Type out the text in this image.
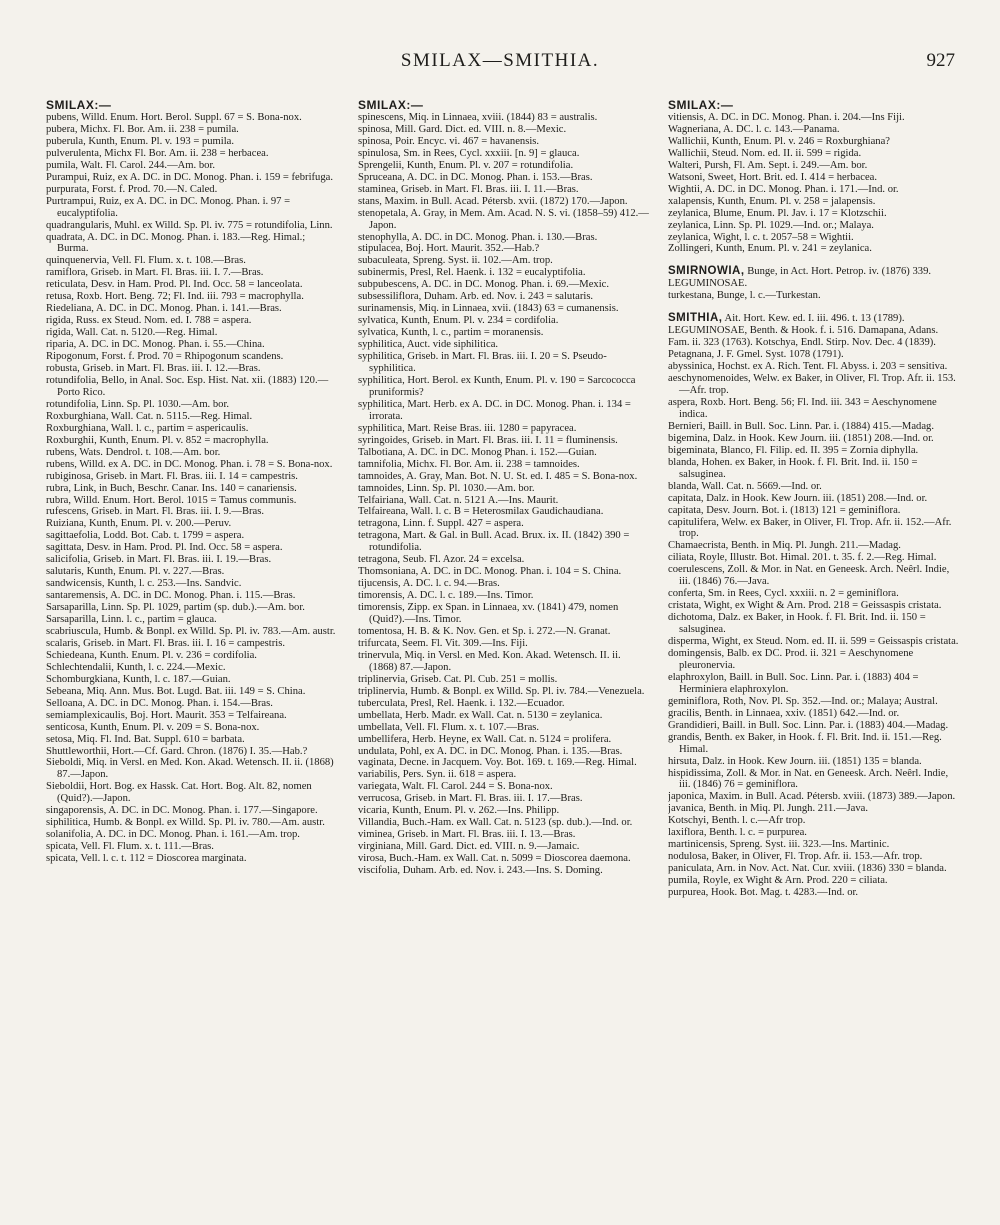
SMILAX—SMITHIA.	927
SMILAX:—
pubens, Willd. Enum. Hort. Berol. Suppl. 67 = S. Bona-nox.
pubera, Michx. Fl. Bor. Am. ii. 238 = pumila.
puberula, Kunth, Enum. Pl. v. 193 = pumila.
pulverulenta, Michx Fl. Bor. Am. ii. 238 = herbacea.
pumila, Walt. Fl. Carol. 244.—Am. bor.
Purampui, Ruiz, ex A. DC. in DC. Monog. Phan. i. 159 = febrifuga.
purpurata, Forst. f. Prod. 70.—N. Caled.
Purtrampui, Ruiz, ex A. DC. in DC. Monog. Phan. i. 97 = eucalyptifolia.
quadrangularis, Muhl. ex Willd. Sp. Pl. iv. 775 = rotundifolia, Linn.
quadrata, A. DC. in DC. Monog. Phan. i. 183.—Reg. Himal.; Burma.
quinquenervia, Vell. Fl. Flum. x. t. 108.—Bras.
ramiflora, Griseb. in Mart. Fl. Bras. iii. I. 7.—Bras.
reticulata, Desv. in Ham. Prod. Pl. Ind. Occ. 58 = lanceolata.
retusa, Roxb. Hort. Beng. 72; Fl. Ind. iii. 793 = macrophylla.
Riedeliana, A. DC. in DC. Monog. Phan. i. 141.—Bras.
rigida, Russ. ex Steud. Nom. ed. I. 788 = aspera.
rigida, Wall. Cat. n. 5120.—Reg. Himal.
riparia, A. DC. in DC. Monog. Phan. i. 55.—China.
Ripogonum, Forst. f. Prod. 70 = Rhipogonum scandens.
robusta, Griseb. in Mart. Fl. Bras. iii. I. 12.—Bras.
rotundifolia, Bello, in Anal. Soc. Esp. Hist. Nat. xii. (1883) 120.—Porto Rico.
rotundifolia, Linn. Sp. Pl. 1030.—Am. bor.
Roxburghiana, Wall. Cat. n. 5115.—Reg. Himal.
Roxburghiana, Wall. l. c., partim = aspericaulis.
Roxburghii, Kunth, Enum. Pl. v. 852 = macrophylla.
rubens, Wats. Dendrol. t. 108.—Am. bor.
rubens, Willd. ex A. DC. in DC. Monog. Phan. i. 78 = S. Bona-nox.
rubiginosa, Griseb. in Mart. Fl. Bras. iii. I. 14 = campestris.
rubra, Link, in Buch, Beschr. Canar. Ins. 140 = canariensis.
rubra, Willd. Enum. Hort. Berol. 1015 = Tamus communis.
rufescens, Griseb. in Mart. Fl. Bras. iii. I. 9.—Bras.
Ruiziana, Kunth, Enum. Pl. v. 200.—Peruv.
sagittaefolia, Lodd. Bot. Cab. t. 1799 = aspera.
sagittata, Desv. in Ham. Prod. Pl. Ind. Occ. 58 = aspera.
salicifolia, Griseb. in Mart. Fl. Bras. iii. I. 19.—Bras.
salutaris, Kunth, Enum. Pl. v. 227.—Bras.
sandwicensis, Kunth, l. c. 253.—Ins. Sandvic.
santaremensis, A. DC. in DC. Monog. Phan. i. 115.—Bras.
Sarsaparilla, Linn. Sp. Pl. 1029, partim (sp. dub.).—Am. bor.
Sarsaparilla, Linn. l. c., partim = glauca.
scabriuscula, Humb. & Bonpl. ex Willd. Sp. Pl. iv. 783.—Am. austr.
scalaris, Griseb. in Mart. Fl. Bras. iii. I. 16 = campestris.
Schiedeana, Kunth. Enum. Pl. v. 236 = cordifolia.
Schlechtendalii, Kunth, l. c. 224.—Mexic.
Schomburgkiana, Kunth, l. c. 187.—Guian.
Sebeana, Miq. Ann. Mus. Bot. Lugd. Bat. iii. 149 = S. China.
Selloana, A. DC. in DC. Monog. Phan. i. 154.—Bras.
semiamplexicaulis, Boj. Hort. Maurit. 353 = Telfaireana.
senticosa, Kunth, Enum. Pl. v. 209 = S. Bona-nox.
setosa, Miq. Fl. Ind. Bat. Suppl. 610 = barbata.
Shuttleworthii, Hort.—Cf. Gard. Chron. (1876) I. 35.—Hab.?
Sieboldi, Miq. in Versl. en Med. Kon. Akad. Wetensch. II. ii. (1868) 87.—Japon.
Sieboldii, Hort. Bog. ex Hassk. Cat. Hort. Bog. Alt. 82, nomen (Quid?).—Japon.
singaporensis, A. DC. in DC. Monog. Phan. i. 177.—Singapore.
siphilitica, Humb. & Bonpl. ex Willd. Sp. Pl. iv. 780.—Am. austr.
solanifolia, A. DC. in DC. Monog. Phan. i. 161.—Am. trop.
spicata, Vell. Fl. Flum. x. t. 111.—Bras.
spicata, Vell. l. c. t. 112 = Dioscorea marginata.
SMILAX:—
spinescens, Miq. in Linnaea, xviii. (1844) 83 = australis.
spinosa, Mill. Gard. Dict. ed. VIII. n. 8.—Mexic.
spinosa, Poir. Encyc. vi. 467 = havanensis.
spinulosa, Sm. in Rees, Cycl. xxxiii. [n. 9] = glauca.
Sprengelii, Kunth, Enum. Pl. v. 207 = rotundifolia.
Spruceana, A. DC. in DC. Monog. Phan. i. 153.—Bras.
staminea, Griseb. in Mart. Fl. Bras. iii. I. 11.—Bras.
stans, Maxim. in Bull. Acad. Pétersb. xvii. (1872) 170.—Japon.
stenopetala, A. Gray, in Mem. Am. Acad. N. S. vi. (1858–59) 412.—Japon.
stenophylla, A. DC. in DC. Monog. Phan. i. 130.—Bras.
stipulacea, Boj. Hort. Maurit. 352.—Hab.?
subaculeata, Spreng. Syst. ii. 102.—Am. trop.
subinermis, Presl, Rel. Haenk. i. 132 = eucalyptifolia.
subpubescens, A. DC. in DC. Monog. Phan. i. 69.—Mexic.
subsessiliflora, Duham. Arb. ed. Nov. i. 243 = salutaris.
surinamensis, Miq. in Linnaea, xvii. (1843) 63 = cumanensis.
sylvatica, Kunth, Enum. Pl. v. 234 = cordifolia.
sylvatica, Kunth, l. c., partim = moranensis.
syphilitica, Auct. vide siphilitica.
syphilitica, Griseb. in Mart. Fl. Bras. iii. I. 20 = S. Pseudo-syphilitica.
syphilitica, Hort. Berol. ex Kunth, Enum. Pl. v. 190 = Sarcococca pruniformis?
syphilitica, Mart. Herb. ex A. DC. in DC. Monog. Phan. i. 134 = irrorata.
syphilitica, Mart. Reise Bras. iii. 1280 = papyracea.
syringoides, Griseb. in Mart. Fl. Bras. iii. I. 11 = fluminensis.
Talbotiana, A. DC. in DC. Monog Phan. i. 152.—Guian.
tamnifolia, Michx. Fl. Bor. Am. ii. 238 = tamnoides.
tamnoides, A. Gray, Man. Bot. N. U. St. ed. I. 485 = S. Bona-nox.
tamnoides, Linn. Sp. Pl. 1030.—Am. bor.
Telfairiana, Wall. Cat. n. 5121 A.—Ins. Maurit.
Telfaireana, Wall. l. c. B = Heterosmilax Gaudichaudiana.
tetragona, Linn. f. Suppl. 427 = aspera.
tetragona, Mart. & Gal. in Bull. Acad. Brux. ix. II. (1842) 390 = rotundifolia.
tetragona, Seub. Fl. Azor. 24 = excelsa.
Thomsoniana, A. DC. in DC. Monog. Phan. i. 104 = S. China.
tijucensis, A. DC. l. c. 94.—Bras.
timorensis, A. DC. l. c. 189.—Ins. Timor.
timorensis, Zipp. ex Span. in Linnaea, xv. (1841) 479, nomen (Quid?).—Ins. Timor.
tomentosa, H. B. & K. Nov. Gen. et Sp. i. 272.—N. Granat.
trifurcata, Seem. Fl. Vit. 309.—Ins. Fiji.
trinervula, Miq. in Versl. en Med. Kon. Akad. Wetensch. II. ii. (1868) 87.—Japon.
triplinervia, Griseb. Cat. Pl. Cub. 251 = mollis.
triplinervia, Humb. & Bonpl. ex Willd. Sp. Pl. iv. 784.—Venezuela.
tuberculata, Presl, Rel. Haenk. i. 132.—Ecuador.
umbellata, Herb. Madr. ex Wall. Cat. n. 5130 = zeylanica.
umbellata, Vell. Fl. Flum. x. t. 107.—Bras.
umbellifera, Herb. Heyne, ex Wall. Cat. n. 5124 = prolifera.
undulata, Pohl, ex A. DC. in DC. Monog. Phan. i. 135.—Bras.
vaginata, Decne. in Jacquem. Voy. Bot. 169. t. 169.—Reg. Himal.
variabilis, Pers. Syn. ii. 618 = aspera.
variegata, Walt. Fl. Carol. 244 = S. Bona-nox.
verrucosa, Griseb. in Mart. Fl. Bras. iii. I. 17.—Bras.
vicaria, Kunth, Enum. Pl. v. 262.—Ins. Philipp.
Villandia, Buch.-Ham. ex Wall. Cat. n. 5123 (sp. dub.).—Ind. or.
viminea, Griseb. in Mart. Fl. Bras. iii. I. 13.—Bras.
virginiana, Mill. Gard. Dict. ed. VIII. n. 9.—Jamaic.
virosa, Buch.-Ham. ex Wall. Cat. n. 5099 = Dioscorea daemona.
viscifolia, Duham. Arb. ed. Nov. i. 243.—Ins. S. Doming.
SMILAX:—
vitiensis, A. DC. in DC. Monog. Phan. i. 204.—Ins Fiji.
Wagneriana, A. DC. l. c. 143.—Panama.
Wallichii, Kunth, Enum. Pl. v. 246 = Roxburghiana?
Wallichii, Steud. Nom. ed. II. ii. 599 = rigida.
Walteri, Pursh, Fl. Am. Sept. i. 249.—Am. bor.
Watsoni, Sweet, Hort. Brit. ed. I. 414 = herbacea.
Wightii, A. DC. in DC. Monog. Phan. i. 171.—Ind. or.
xalapensis, Kunth, Enum. Pl. v. 258 = jalapensis.
zeylanica, Blume, Enum. Pl. Jav. i. 17 = Klotzschii.
zeylanica, Linn. Sp. Pl. 1029.—Ind. or.; Malaya.
zeylanica, Wight, l. c. t. 2057–58 = Wightii.
Zollingeri, Kunth, Enum. Pl. v. 241 = zeylanica.
SMIRNOWIA, Bunge, in Act. Hort. Petrop. iv. (1876) 339. LEGUMINOSAE.
turkestana, Bunge, l. c.—Turkestan.
SMITHIA, Ait. Hort. Kew. ed. I. iii. 496. t. 13 (1789). LEGUMINOSAE, Benth. & Hook. f. i. 516. Damapana, Adans. Fam. ii. 323 (1763). Kotschya, Endl. Stirp. Nov. Dec. 4 (1839). Petagnana, J. F. Gmel. Syst. 1078 (1791).
abyssinica, Hochst. ex A. Rich. Tent. Fl. Abyss. i. 203 = sensitiva.
aeschynomenoides, Welw. ex Baker, in Oliver, Fl. Trop. Afr. ii. 153.—Afr. trop.
aspera, Roxb. Hort. Beng. 56; Fl. Ind. iii. 343 = Aeschynomene indica.
Bernieri, Baill. in Bull. Soc. Linn. Par. i. (1884) 415.—Madag.
bigemina, Dalz. in Hook. Kew Journ. iii. (1851) 208.—Ind. or.
bigeminata, Blanco, Fl. Filip. ed. II. 395 = Zornia diphylla.
blanda, Hohen. ex Baker, in Hook. f. Fl. Brit. Ind. ii. 150 = salsuginea.
blanda, Wall. Cat. n. 5669.—Ind. or.
capitata, Dalz. in Hook. Kew Journ. iii. (1851) 208.—Ind. or.
capitata, Desv. Journ. Bot. i. (1813) 121 = geminiflora.
capitulifera, Welw. ex Baker, in Oliver, Fl. Trop. Afr. ii. 152.—Afr. trop.
Chamaecrista, Benth. in Miq. Pl. Jungh. 211.—Madag.
ciliata, Royle, Illustr. Bot. Himal. 201. t. 35. f. 2.—Reg. Himal.
coerulescens, Zoll. & Mor. in Nat. en Geneesk. Arch. Neêrl. Indie, iii. (1846) 76.—Java.
conferta, Sm. in Rees, Cycl. xxxiii. n. 2 = geminiflora.
cristata, Wight, ex Wight & Arn. Prod. 218 = Geissaspis cristata.
dichotoma, Dalz. ex Baker, in Hook. f. Fl. Brit. Ind. ii. 150 = salsuginea.
disperma, Wight, ex Steud. Nom. ed. II. ii. 599 = Geissaspis cristata.
domingensis, Balb. ex DC. Prod. ii. 321 = Aeschynomene pleuronervia.
elaphroxylon, Baill. in Bull. Soc. Linn. Par. i. (1883) 404 = Herminiera elaphroxylon.
geminiflora, Roth, Nov. Pl. Sp. 352.—Ind. or.; Malaya; Austral.
gracilis, Benth. in Linnaea, xxiv. (1851) 642.—Ind. or.
Grandidieri, Baill. in Bull. Soc. Linn. Par. i. (1883) 404.—Madag.
grandis, Benth. ex Baker, in Hook. f. Fl. Brit. Ind. ii. 151.—Reg. Himal.
hirsuta, Dalz. in Hook. Kew Journ. iii. (1851) 135 = blanda.
hispidissima, Zoll. & Mor. in Nat. en Geneesk. Arch. Neêrl. Indie, iii. (1846) 76 = geminiflora.
japonica, Maxim. in Bull. Acad. Pétersb. xviii. (1873) 389.—Japon.
javanica, Benth. in Miq. Pl. Jungh. 211.—Java.
Kotschyi, Benth. l. c.—Afr trop.
laxiflora, Benth. l. c. = purpurea.
martinicensis, Spreng. Syst. iii. 323.—Ins. Martinic.
nodulosa, Baker, in Oliver, Fl. Trop. Afr. ii. 153.—Afr. trop.
paniculata, Arn. in Nov. Act. Nat. Cur. xviii. (1836) 330 = blanda.
pumila, Royle, ex Wight & Arn. Prod. 220 = ciliata.
purpurea, Hook. Bot. Mag. t. 4283.—Ind. or.
